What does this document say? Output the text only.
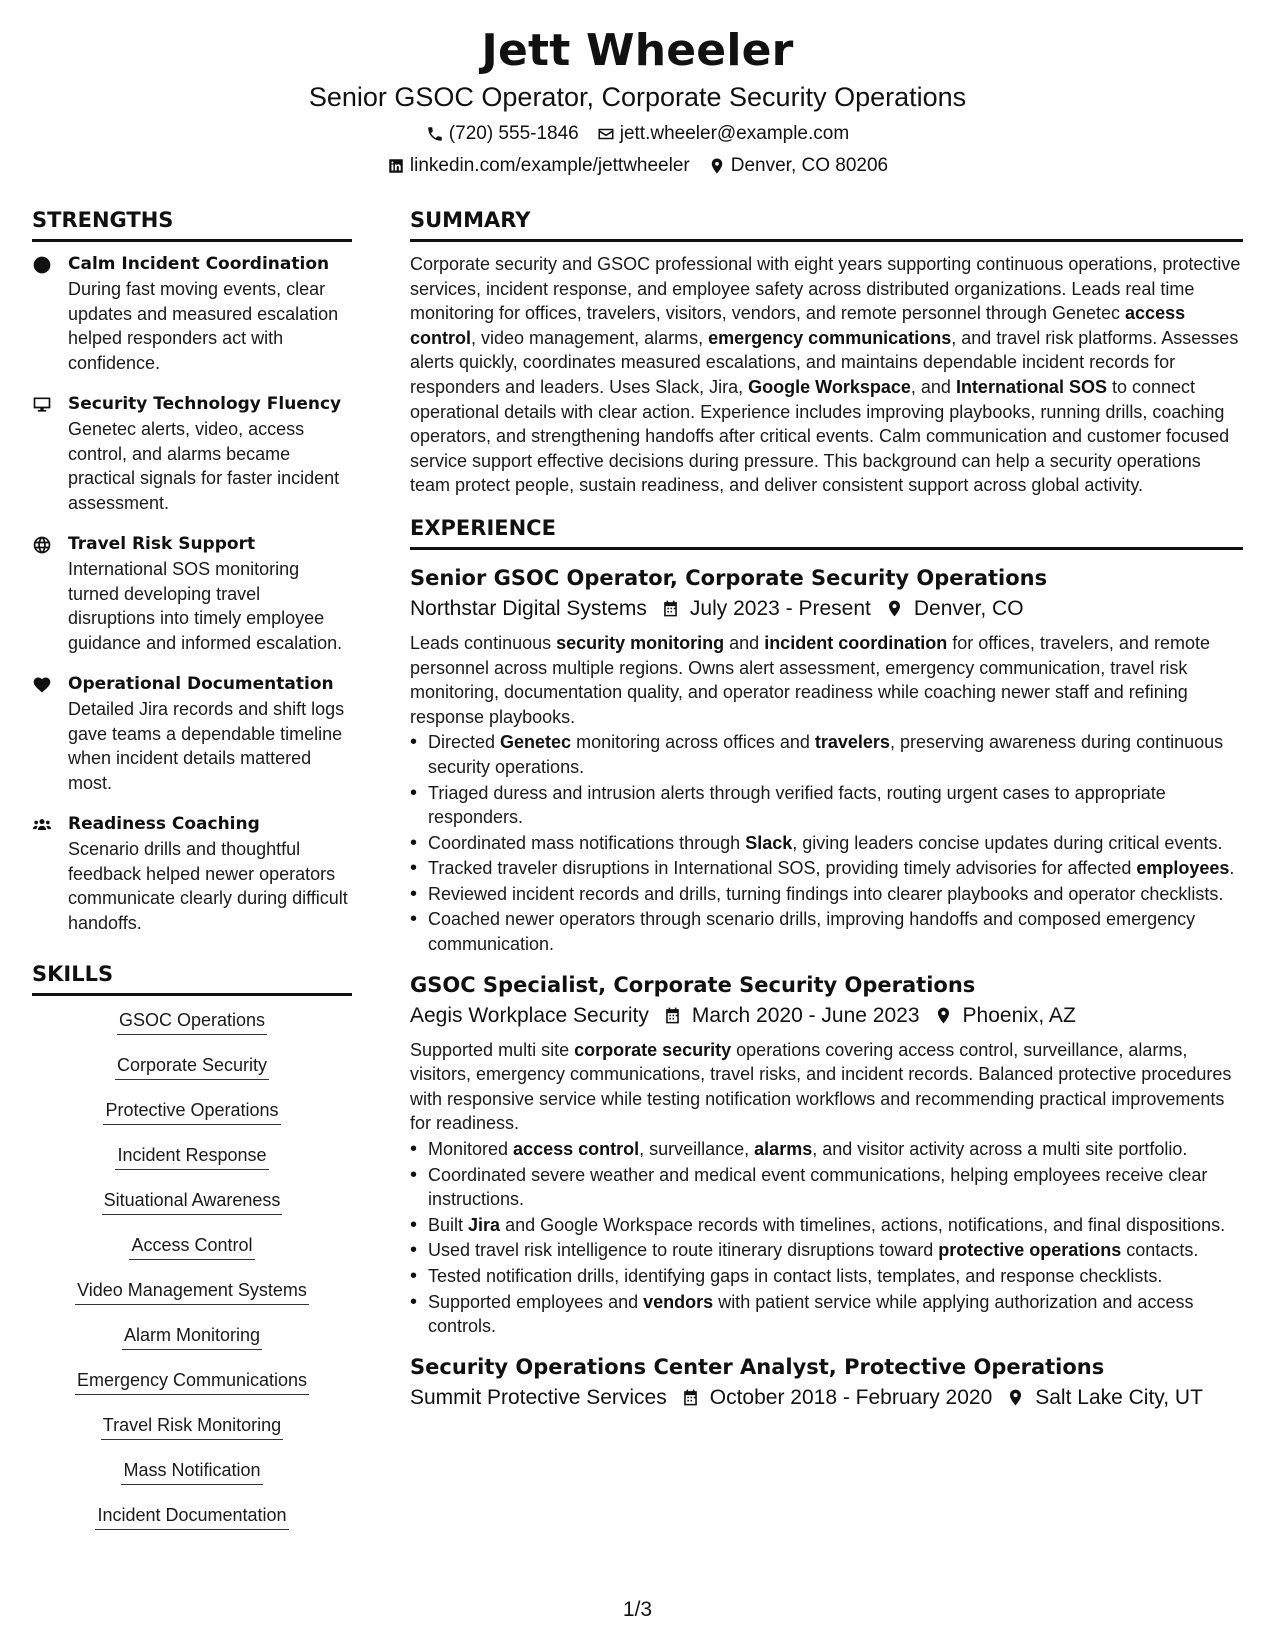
Jett Wheeler
Senior GSOC Operator, Corporate Security Operations
(720) 555-1846 jett.wheeler@example.com
linkedin.com/example/jettwheeler Denver, CO 80206
STRENGTHS
Calm Incident Coordination
During fast moving events, clear updates and measured escalation helped responders act with confidence.
Security Technology Fluency
Genetec alerts, video, access control, and alarms became practical signals for faster incident assessment.
Travel Risk Support
International SOS monitoring turned developing travel disruptions into timely employee guidance and informed escalation.
Operational Documentation
Detailed Jira records and shift logs gave teams a dependable timeline when incident details mattered most.
Readiness Coaching
Scenario drills and thoughtful feedback helped newer operators communicate clearly during difficult handoffs.
SKILLS
GSOC Operations
Corporate Security
Protective Operations
Incident Response
Situational Awareness
Access Control
Video Management Systems
Alarm Monitoring
Emergency Communications
Travel Risk Monitoring
Mass Notification
Incident Documentation
SUMMARY
Corporate security and GSOC professional with eight years supporting continuous operations, protective services, incident response, and employee safety across distributed organizations. Leads real time monitoring for offices, travelers, visitors, vendors, and remote personnel through Genetec access control, video management, alarms, emergency communications, and travel risk platforms. Assesses alerts quickly, coordinates measured escalations, and maintains dependable incident records for responders and leaders. Uses Slack, Jira, Google Workspace, and International SOS to connect operational details with clear action. Experience includes improving playbooks, running drills, coaching operators, and strengthening handoffs after critical events. Calm communication and customer focused service support effective decisions during pressure. This background can help a security operations team protect people, sustain readiness, and deliver consistent support across global activity.
EXPERIENCE
Senior GSOC Operator, Corporate Security Operations
Northstar Digital Systems July 2023 - Present Denver, CO
Leads continuous security monitoring and incident coordination for offices, travelers, and remote personnel across multiple regions. Owns alert assessment, emergency communication, travel risk monitoring, documentation quality, and operator readiness while coaching newer staff and refining response playbooks.
• Directed Genetec monitoring across offices and travelers, preserving awareness during continuous security operations.
• Triaged duress and intrusion alerts through verified facts, routing urgent cases to appropriate responders.
• Coordinated mass notifications through Slack, giving leaders concise updates during critical events.
• Tracked traveler disruptions in International SOS, providing timely advisories for affected employees.
• Reviewed incident records and drills, turning findings into clearer playbooks and operator checklists.
• Coached newer operators through scenario drills, improving handoffs and composed emergency communication.
GSOC Specialist, Corporate Security Operations
Aegis Workplace Security March 2020 - June 2023 Phoenix, AZ
Supported multi site corporate security operations covering access control, surveillance, alarms, visitors, emergency communications, travel risks, and incident records. Balanced protective procedures with responsive service while testing notification workflows and recommending practical improvements for readiness.
• Monitored access control, surveillance, alarms, and visitor activity across a multi site portfolio.
• Coordinated severe weather and medical event communications, helping employees receive clear instructions.
• Built Jira and Google Workspace records with timelines, actions, notifications, and final dispositions.
• Used travel risk intelligence to route itinerary disruptions toward protective operations contacts.
• Tested notification drills, identifying gaps in contact lists, templates, and response checklists.
• Supported employees and vendors with patient service while applying authorization and access controls.
Security Operations Center Analyst, Protective Operations
Summit Protective Services October 2018 - February 2020 Salt Lake City, UT
1/3
